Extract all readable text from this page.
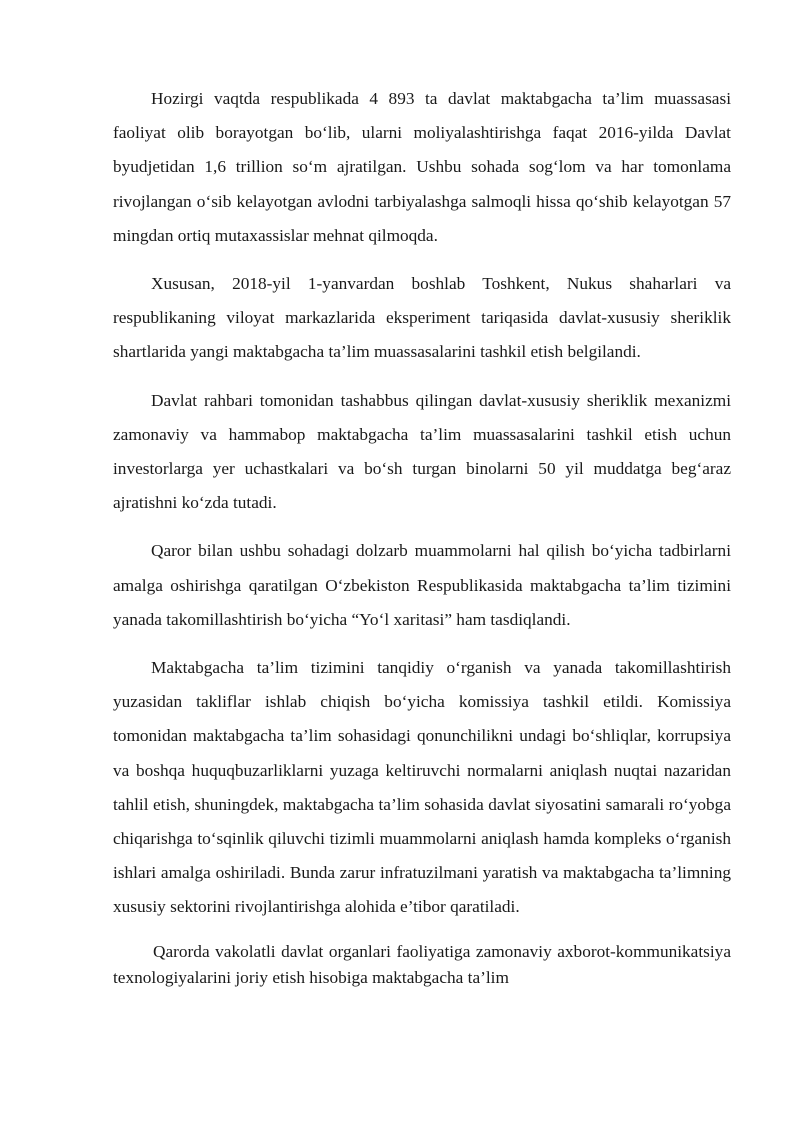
Hozirgi vaqtda respublikada 4 893 ta davlat maktabgacha ta’lim muassasasi faoliyat olib borayotgan bo‘lib, ularni moliyalashtirishga faqat 2016-yilda Davlat byudjetidan 1,6 trillion so‘m ajratilgan. Ushbu sohada sog‘lom va har tomonlama rivojlangan o‘sib kelayotgan avlodni tarbiyalashga salmoqli hissa qo‘shib kelayotgan 57 mingdan ortiq mutaxassislar mehnat qilmoqda.

Xususan, 2018-yil 1-yanvardan boshlab Toshkent, Nukus shaharlari va respublikaning viloyat markazlarida eksperiment tariqasida davlat-xususiy sheriklik shartlarida yangi maktabgacha ta’lim muassasalarini tashkil etish belgilandi.

Davlat rahbari tomonidan tashabbus qilingan davlat-xususiy sheriklik mexanizmi zamonaviy va hammabop maktabgacha ta’lim muassasalarini tashkil etish uchun investorlarga yer uchastkalari va bo‘sh turgan binolarni 50 yil muddatga beg‘araz ajratishni ko‘zda tutadi.

Qaror bilan ushbu sohadagi dolzarb muammolarni hal qilish bo‘yicha tadbirlarni amalga oshirishga qaratilgan O‘zbekiston Respublikasida maktabgacha ta’lim tizimini yanada takomillashtirish bo‘yicha “Yo‘l xaritasi” ham tasdiqlandi.

Maktabgacha ta’lim tizimini tanqidiy o‘rganish va yanada takomillashtirish yuzasidan takliflar ishlab chiqish bo‘yicha komissiya tashkil etildi. Komissiya tomonidan maktabgacha ta’lim sohasidagi qonunchilikni undagi bo‘shliqlar, korrupsiya va boshqa huquqbuzarliklarni yuzaga keltiruvchi normalarni aniqlash nuqtai nazaridan tahlil etish, shuningdek, maktabgacha ta’lim sohasida davlat siyosatini samarali ro‘yobga chiqarishga to‘sqinlik qiluvchi tizimli muammolarni aniqlash hamda kompleks o‘rganish ishlari amalga oshiriladi. Bunda zarur infratuzilmani yaratish va maktabgacha ta’limning xususiy sektorini rivojlantirishga alohida e’tibor qaratiladi.

Qarorda vakolatli davlat organlari faoliyatiga zamonaviy axborot-kommunikatsiya texnologiyalarini joriy etish hisobiga maktabgacha ta’lim
